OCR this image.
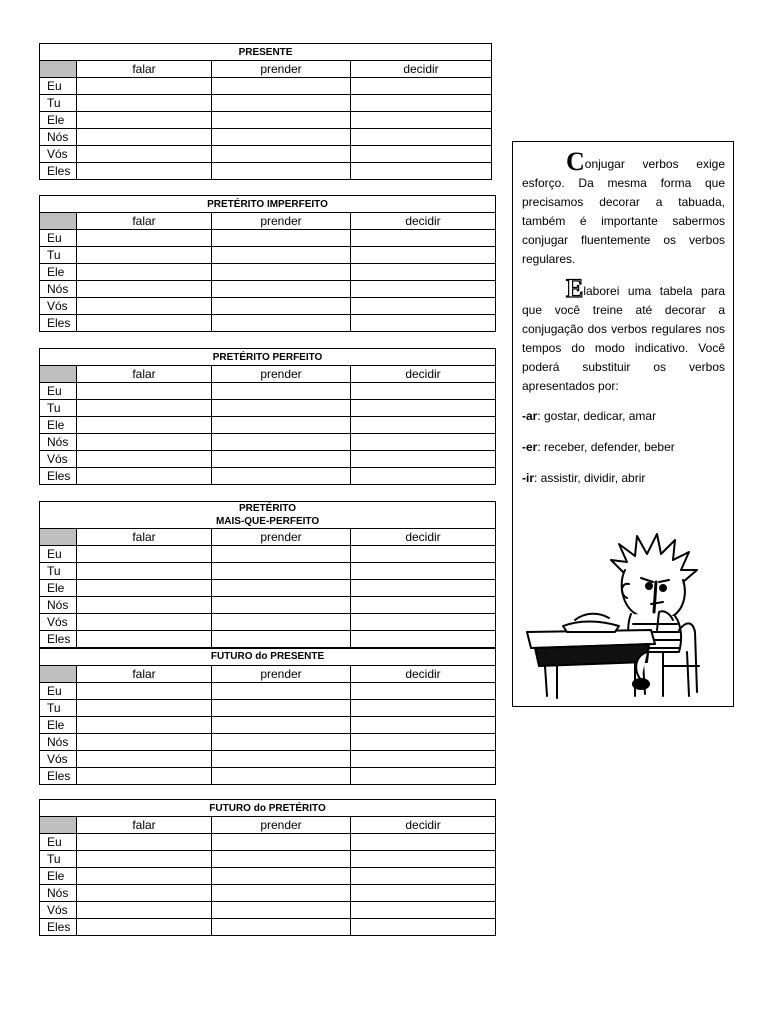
PRESENTE			

	falar	prender	decidir
Eu			
Tu			
Ele			
Nós			
Vós			
Eles			
PRETÉRITO IMPERFEITO			

	falar	prender	decidir
Eu			
Tu			
Ele			
Nós			
Vós			
Eles			
PRETÉRITO PERFEITO			

	falar	prender	decidir
Eu			
Tu			
Ele			
Nós			
Vós			
Eles			
PRETÉRITO
MAIS-QUE-PERFEITO			

	falar	prender	decidir
Eu			
Tu			
Ele			
Nós			
Vós			
Eles			
FUTURO do PRESENTE			

	falar	prender	decidir
Eu			
Tu			
Ele			
Nós			
Vós			
Eles			
FUTURO do PRETÉRITO			

	falar	prender	decidir
Eu			
Tu			
Ele			
Nós			
Vós			
Eles			

Conjugar verbos exige esforço. Da mesma forma que precisamos decorar a tabuada, também é importante sabermos conjugar fluentemente os verbos regulares.

Elaborei uma tabela para que você treine até decorar a conjugação dos verbos regulares nos tempos do modo indicativo. Você poderá substituir os verbos apresentados por:

-ar: gostar, dedicar, amar

-er: receber, defender, beber

-ir: assistir, dividir, abrir
